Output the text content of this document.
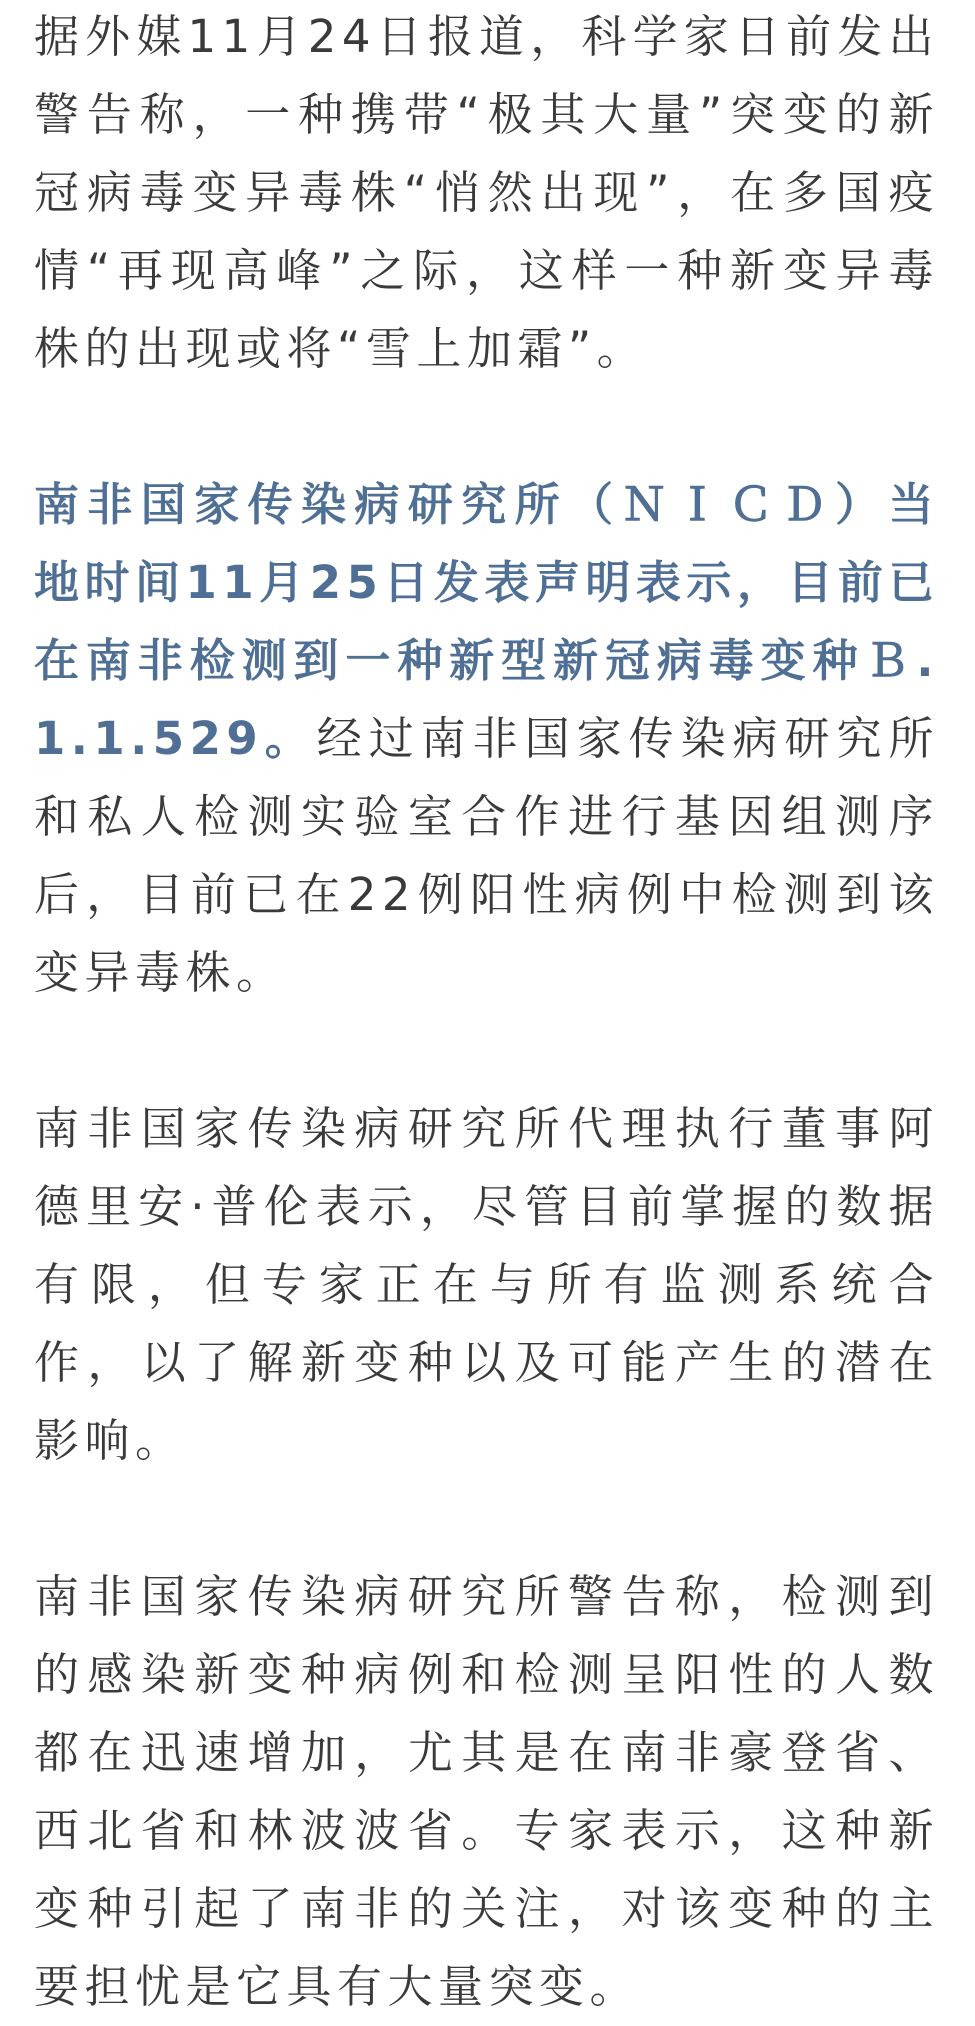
据外媒11月24日报道，科学家日前发出警告称，一种携带“极其大量”突变的新冠病毒变异毒株“悄然出现”，在多国疫情“再现高峰”之际，这样一种新变异毒株的出现或将“雪上加霜”。

南非国家传染病研究所（ＮＩＣＤ）当地时间11月25日发表声明表示，目前已在南非检测到一种新型新冠病毒变种Ｂ.1.1.529。经过南非国家传染病研究所和私人检测实验室合作进行基因组测序后，目前已在22例阳性病例中检测到该变异毒株。

南非国家传染病研究所代理执行董事阿德里安·普伦表示，尽管目前掌握的数据有限，但专家正在与所有监测系统合作，以了解新变种以及可能产生的潜在影响。

南非国家传染病研究所警告称，检测到的感染新变种病例和检测呈阳性的人数都在迅速增加，尤其是在南非豪登省、西北省和林波波省。专家表示，这种新变种引起了南非的关注，对该变种的主要担忧是它具有大量突变。
